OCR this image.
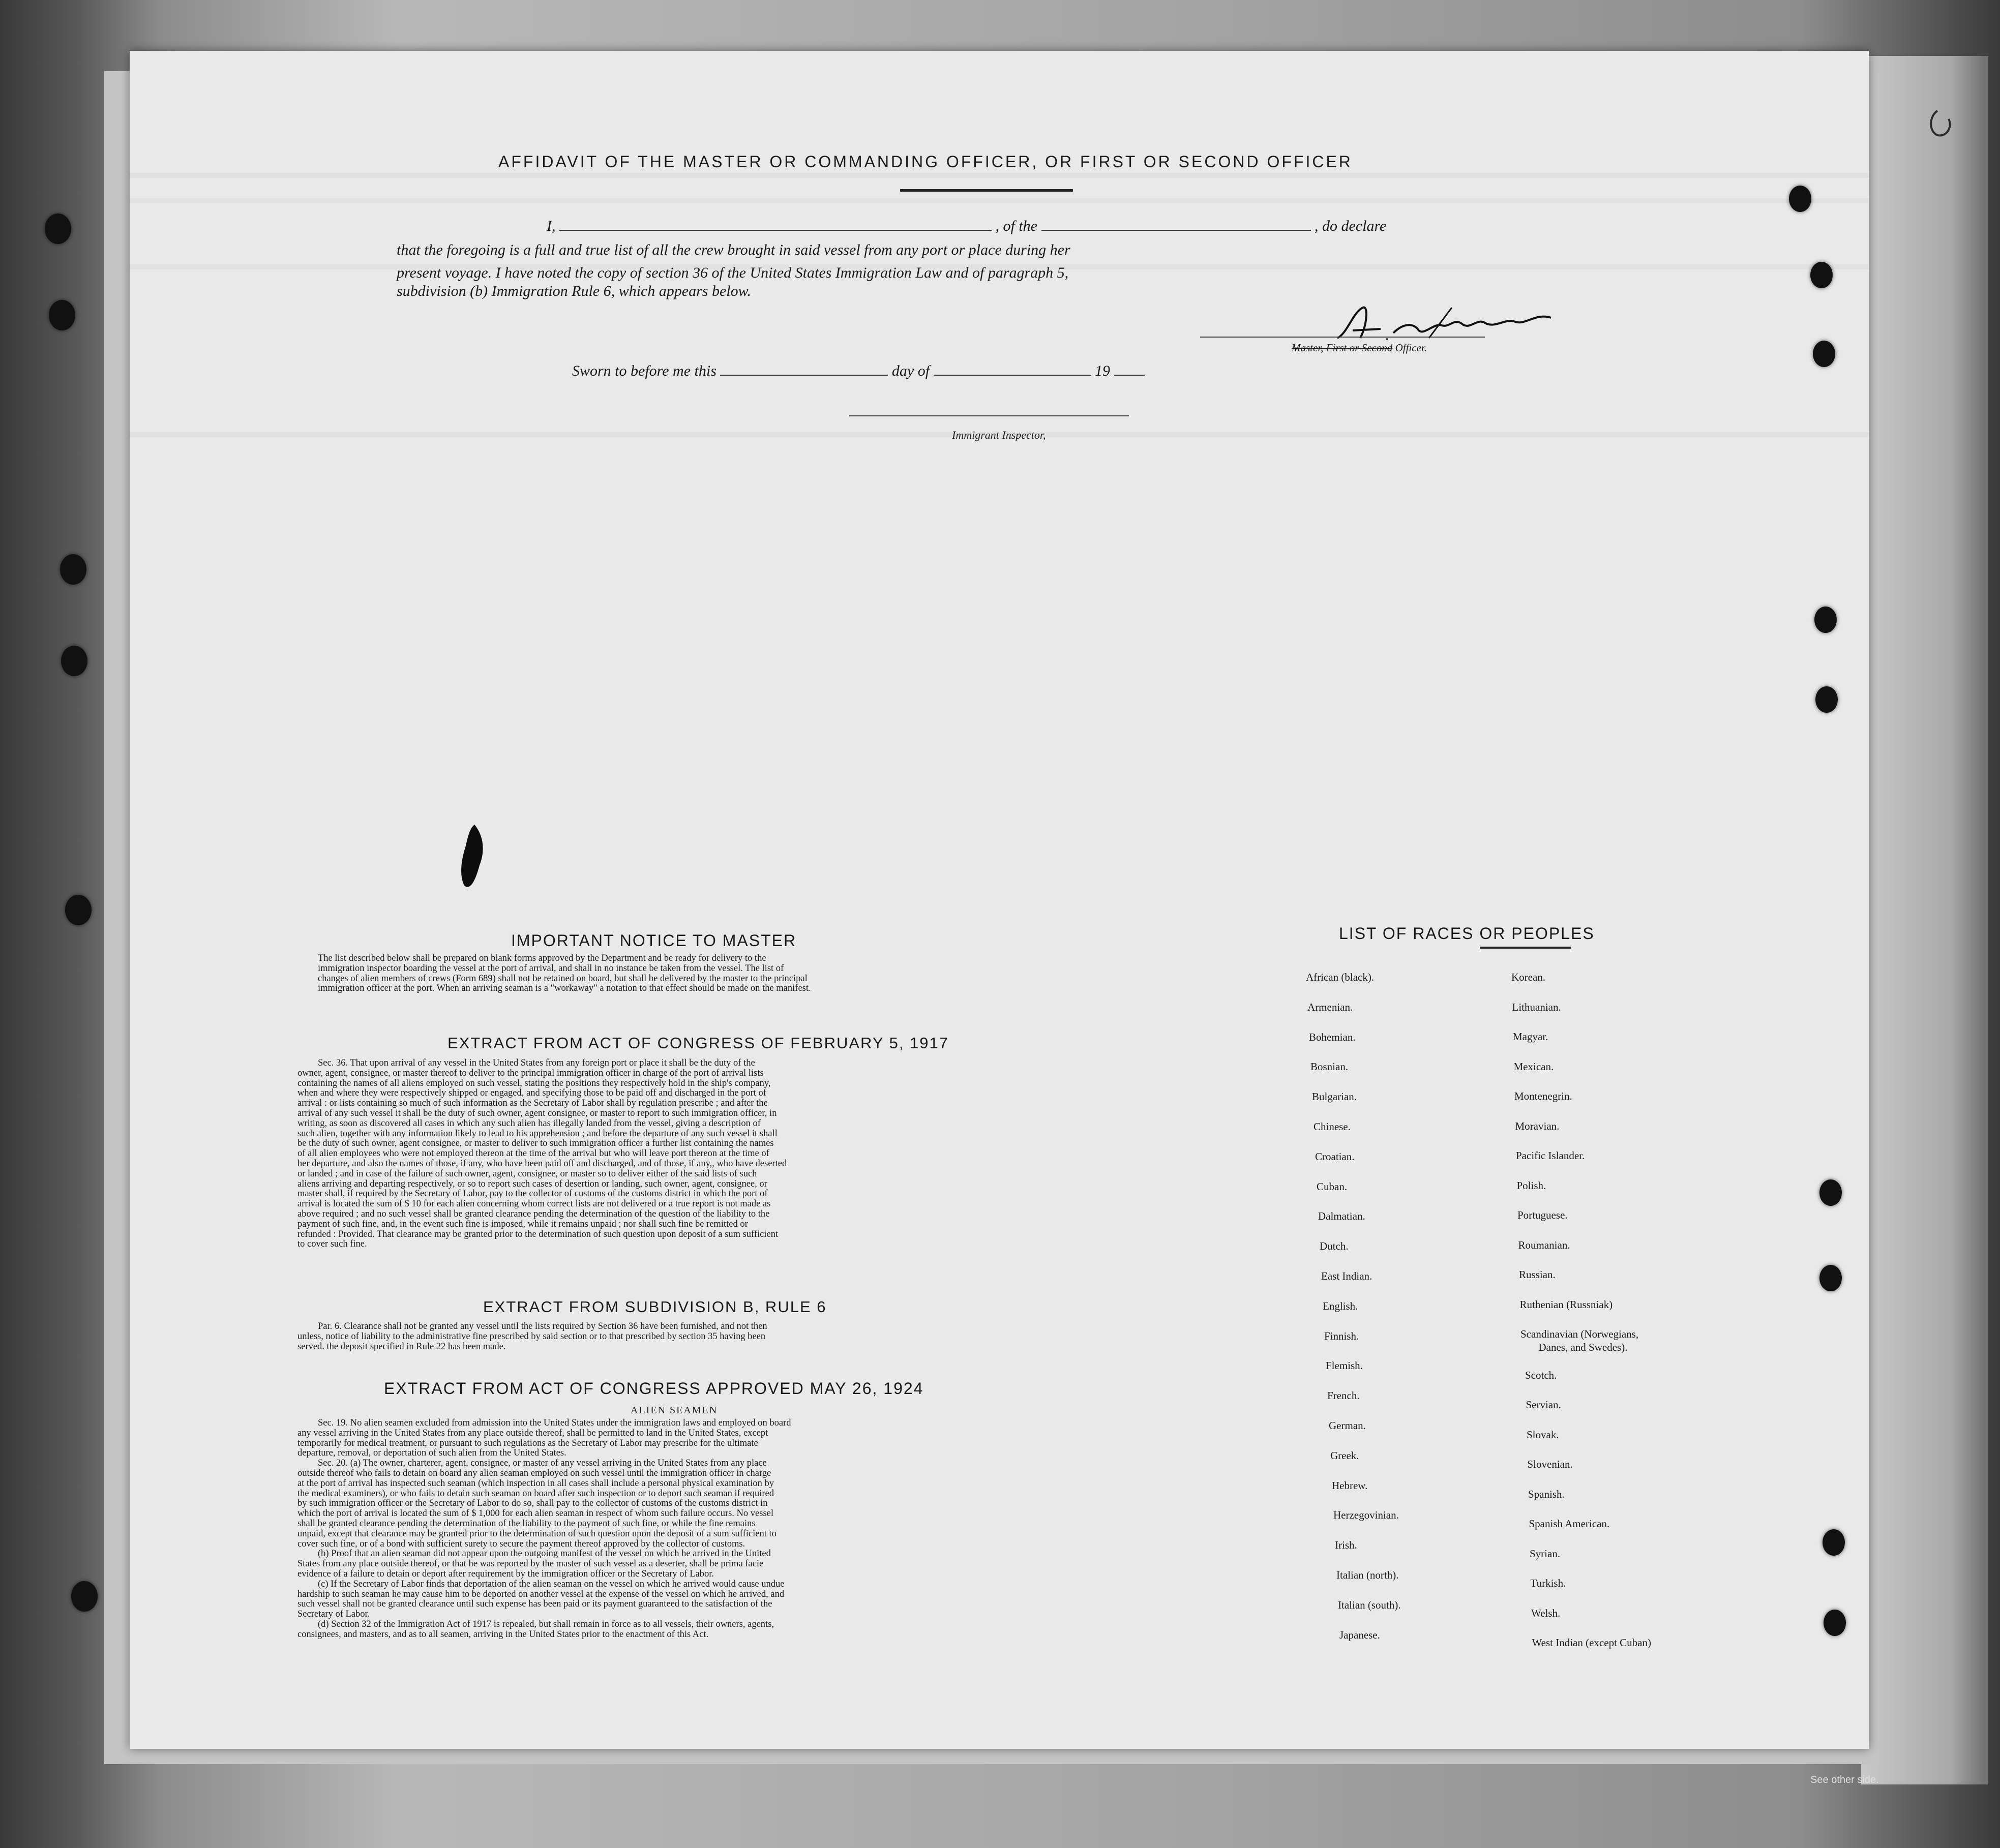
AFFIDAVIT OF THE MASTER OR COMMANDING OFFICER, OR FIRST OR SECOND OFFICER
I,	, of the	, do declare
that the foregoing is a full and true list of all the crew brought in said vessel from any port or place during her
present voyage. I have noted the copy of section 36 of the United States Immigration Law and of paragraph 5,
subdivision (b) Immigration Rule 6, which appears below.
Master, First or Second Officer.
Sworn to before me this	day of	19
Immigrant Inspector,
IMPORTANT NOTICE TO MASTER
The list described below shall be prepared on blank forms approved by the Department and be ready for delivery to the
immigration inspector boarding the vessel at the port of arrival, and shall in no instance be taken from the vessel. The list of
changes of alien members of crews (Form 689) shall not be retained on board, but shall be delivered by the master to the principal
immigration officer at the port. When an arriving seaman is a "workaway" a notation to that effect should be made on the manifest.
EXTRACT FROM ACT OF CONGRESS OF FEBRUARY 5, 1917
Sec. 36. That upon arrival of any vessel in the United States from any foreign port or place it shall be the duty of the
owner, agent, consignee, or master thereof to deliver to the principal immigration officer in charge of the port of arrival lists
containing the names of all aliens employed on such vessel, stating the positions they respectively hold in the ship's company,
when and where they were respectively shipped or engaged, and specifying those to be paid off and discharged in the port of
arrival : or lists containing so much of such information as the Secretary of Labor shall by regulation prescribe ; and after the
arrival of any such vessel it shall be the duty of such owner, agent consignee, or master to report to such immigration officer, in
writing, as soon as discovered all cases in which any such alien has illegally landed from the vessel, giving a description of
such alien, together with any information likely to lead to his apprehension ; and before the departure of any such vessel it shall
be the duty of such owner, agent consignee, or master to deliver to such immigration officer a further list containing the names
of all alien employees who were not employed thereon at the time of the arrival but who will leave port thereon at the time of
her departure, and also the names of those, if any, who have been paid off and discharged, and of those, if any,, who have deserted
or landed ; and in case of the failure of such owner, agent, consignee, or master so to deliver either of the said lists of such
aliens arriving and departing respectively, or so to report such cases of desertion or landing, such owner, agent, consignee, or
master shall, if required by the Secretary of Labor, pay to the collector of customs of the customs district in which the port of
arrival is located the sum of $ 10 for each alien concerning whom correct lists are not delivered or a true report is not made as
above required ; and no such vessel shall be granted clearance pending the determination of the question of the liability to the
payment of such fine, and, in the event such fine is imposed, while it remains unpaid ; nor shall such fine be remitted or
refunded : Provided. That clearance may be granted prior to the determination of such question upon deposit of a sum sufficient
to cover such fine.
EXTRACT FROM SUBDIVISION B, RULE 6
Par. 6. Clearance shall not be granted any vessel until the lists required by Section 36 have been furnished, and not then
unless, notice of liability to the administrative fine prescribed by said section or to that prescribed by section 35 having been
served. the deposit specified in Rule 22 has been made.
EXTRACT FROM ACT OF CONGRESS APPROVED MAY 26, 1924
ALIEN SEAMEN
Sec. 19. No alien seamen excluded from admission into the United States under the immigration laws and employed on board
any vessel arriving in the United States from any place outside thereof, shall be permitted to land in the United States, except
temporarily for medical treatment, or pursuant to such regulations as the Secretary of Labor may prescribe for the ultimate
departure, removal, or deportation of such alien from the United States.
Sec. 20. (a) The owner, charterer, agent, consignee, or master of any vessel arriving in the United States from any place
outside thereof who fails to detain on board any alien seaman employed on such vessel until the immigration officer in charge
at the port of arrival has inspected such seaman (which inspection in all cases shall include a personal physical examination by
the medical examiners), or who fails to detain such seaman on board after such inspection or to deport such seaman if required
by such immigration officer or the Secretary of Labor to do so, shall pay to the collector of customs of the customs district in
which the port of arrival is located the sum of $ 1,000 for each alien seaman in respect of whom such failure occurs. No vessel
shall be granted clearance pending the determination of the liability to the payment of such fine, or while the fine remains
unpaid, except that clearance may be granted prior to the determination of such question upon the deposit of a sum sufficient to
cover such fine, or of a bond with sufficient surety to secure the payment thereof approved by the collector of customs.
(b) Proof that an alien seaman did not appear upon the outgoing manifest of the vessel on which he arrived in the United
States from any place outside thereof, or that he was reported by the master of such vessel as a deserter, shall be prima facie
evidence of a failure to detain or deport after requirement by the immigration officer or the Secretary of Labor.
(c) If the Secretary of Labor finds that deportation of the alien seaman on the vessel on which he arrived would cause undue
hardship to such seaman he may cause him to be deported on another vessel at the expense of the vessel on which he arrived, and
such vessel shall not be granted clearance until such expense has been paid or its payment guaranteed to the satisfaction of the
Secretary of Labor.
(d) Section 32 of the Immigration Act of 1917 is repealed, but shall remain in force as to all vessels, their owners, agents,
consignees, and masters, and as to all seamen, arriving in the United States prior to the enactment of this Act.
LIST OF RACES OR PEOPLES
African (black).
Armenian.
Bohemian.
Bosnian.
Bulgarian.
Chinese.
Croatian.
Cuban.
Dalmatian.
Dutch.
East Indian.
English.
Finnish.
Flemish.
French.
German.
Greek.
Hebrew.
Herzegovinian.
Irish.
Italian (north).
Italian (south).
Japanese.
Korean.
Lithuanian.
Magyar.
Mexican.
Montenegrin.
Moravian.
Pacific Islander.
Polish.
Portuguese.
Roumanian.
Russian.
Ruthenian (Russniak)
Scandinavian (Norwegians,
Danes, and Swedes).
Scotch.
Servian.
Slovak.
Slovenian.
Spanish.
Spanish American.
Syrian.
Turkish.
Welsh.
West Indian (except Cuban)
See other side.
